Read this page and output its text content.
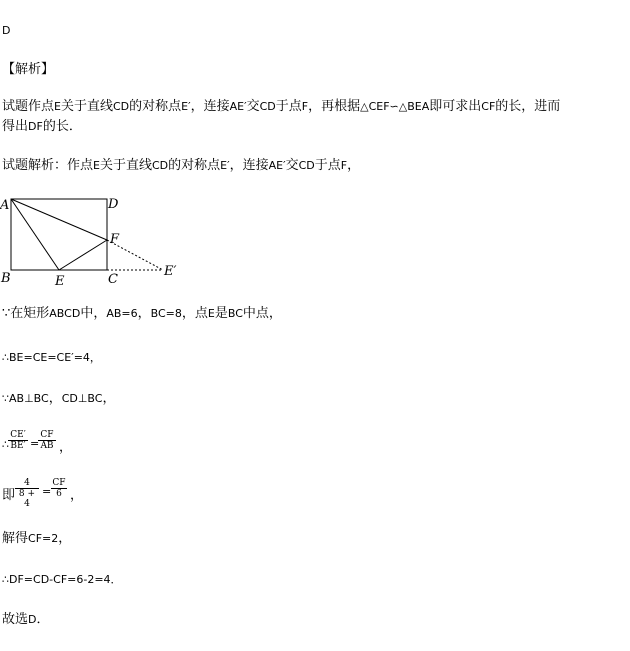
D
【解析】
试题作点E关于直线CD的对称点E′，连接AE′交CD于点F，再根据△CEF∽△BEA即可求出CF的长，进而
得出DF的长．
试题解析：作点E关于直线CD的对称点E′，连接AE′交CD于点F，
A	D
F
B	E	C
E′
∵在矩形ABCD中，AB=6，BC=8，点E是BC中点，
∴BE=CE=CE′=4，
∵AB⊥BC，CD⊥BC，
∴
CE′
BE′ =
CF
AB ，
即
4
8 + 4
=
CF
6 ，
解得CF=2，
∴DF=CD-CF=6-2=4．
故选D．
